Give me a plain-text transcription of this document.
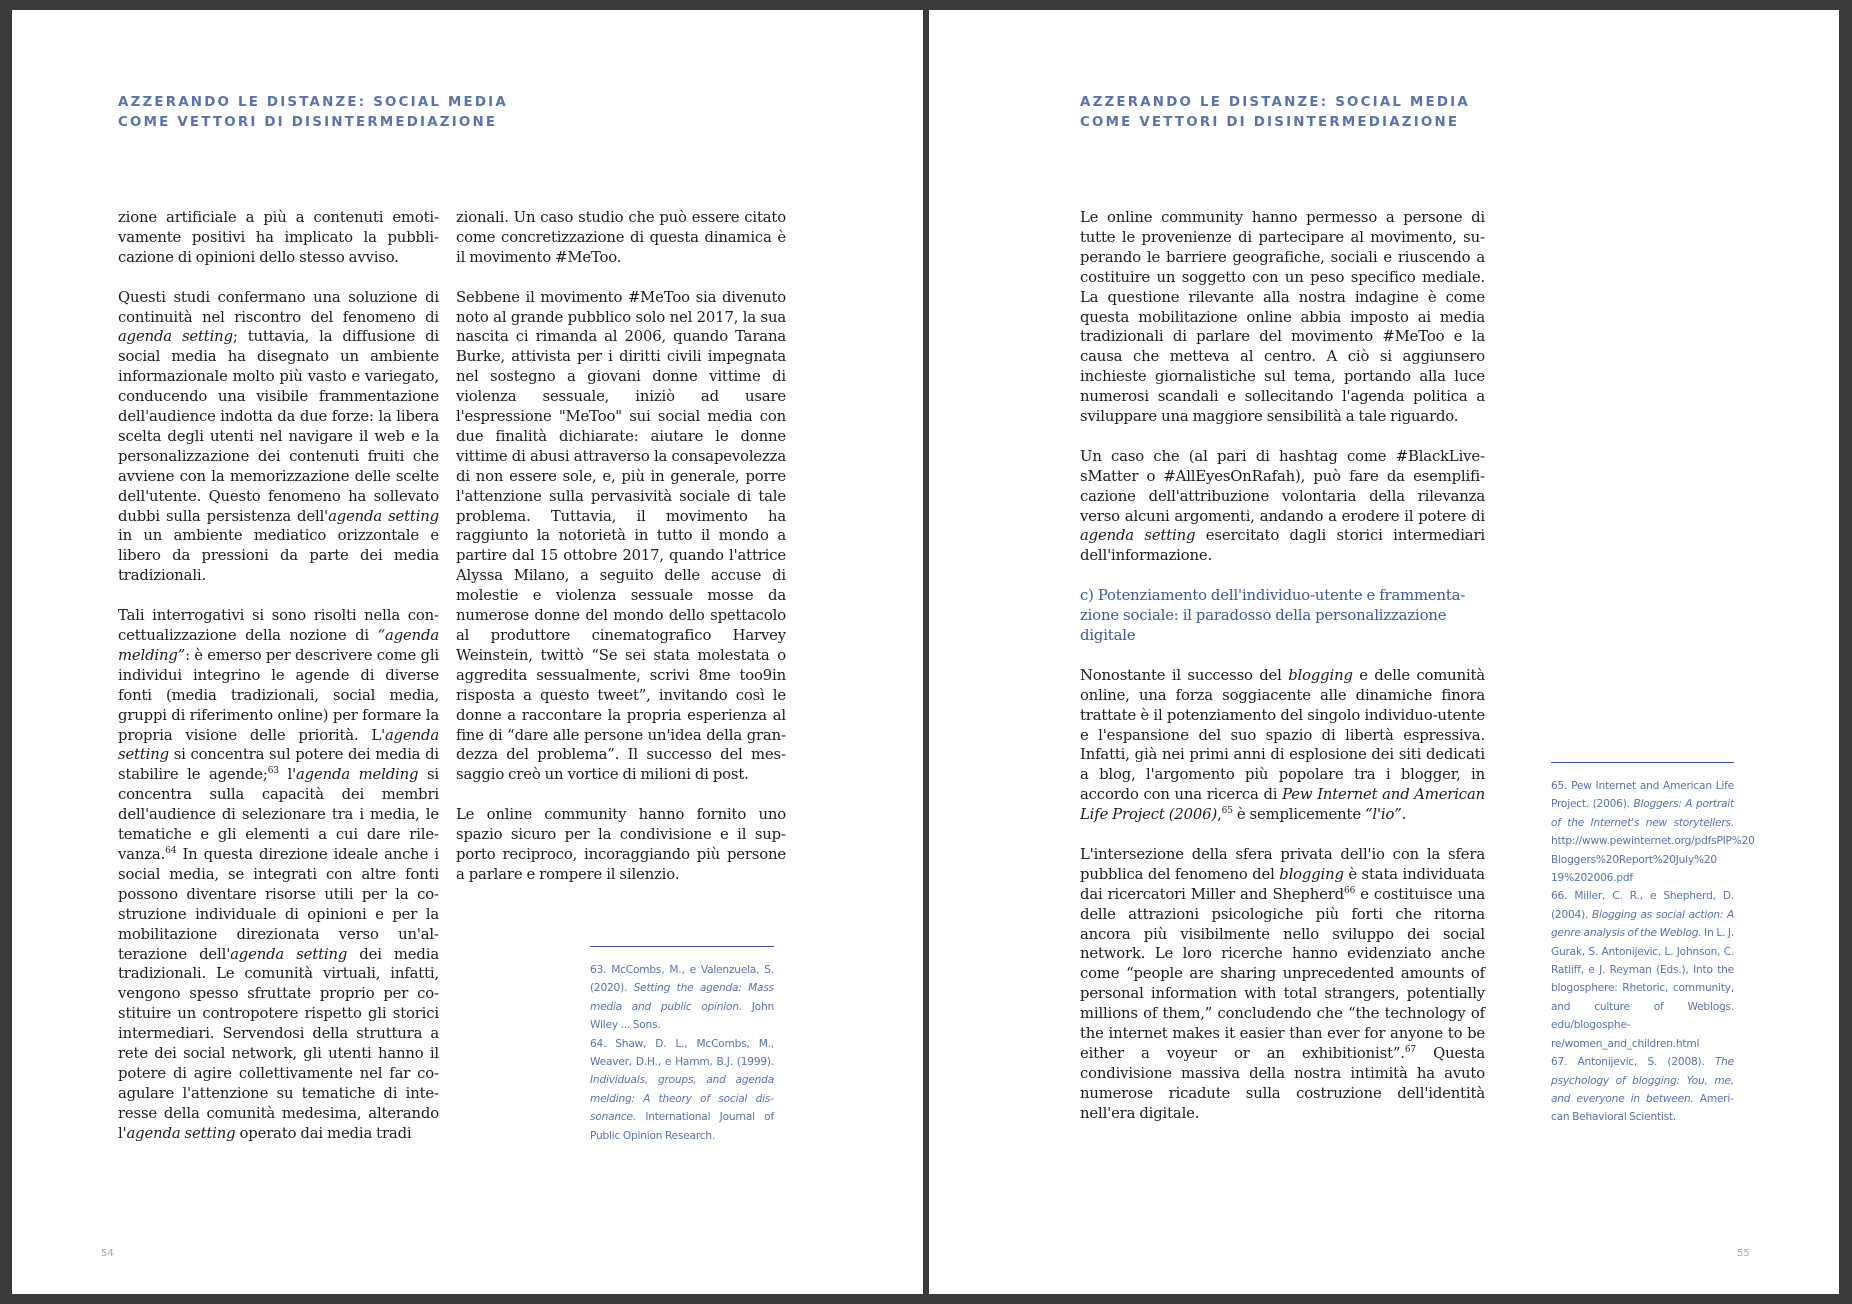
AZZERANDO LE DISTANZE: SOCIAL MEDIA
COME VETTORI DI DISINTERMEDIAZIONE

zione artificiale a più a contenuti emotivamente positivi ha implicato la pubblicazione di opinioni dello stesso avviso.

Questi studi confermano una soluzione di continuità nel riscontro del fenomeno di agenda setting; tuttavia, la diffusione di social media ha disegnato un ambiente informazionale molto più vasto e variegato, conducendo una visibile frammentazione dell'audience indotta da due forze: la libera scelta degli utenti nel navigare il web e la personalizzazione dei contenuti fruiti che avviene con la memorizzazione delle scelte dell'utente. Questo fenomeno ha sollevato dubbi sulla persistenza dell'agenda setting in un ambiente mediatico orizzontale e libero da pressioni da parte dei media tradizionali.

Tali interrogativi si sono risolti nella concettualizzazione della nozione di “agenda melding”: è emerso per descrivere come gli individui integrino le agende di diverse fonti (media tradizionali, social media, gruppi di riferimento online) per formare la propria visione delle priorità. L'agenda setting si concentra sul potere dei media di stabilire le agende;$^{63}$ l'agenda melding si concentra sulla capacità dei membri dell'audience di selezionare tra i media, le tematiche e gli elementi a cui dare rilevanza.$^{64}$ In questa direzione ideale anche i social media, se integrati con altre fonti possono diventare risorse utili per la costruzione individuale di opinioni e per la mobilitazione direzionata verso un'alterazione dell'agenda setting dei media tradizionali. Le comunità virtuali, infatti, vengono spesso sfruttate proprio per costituire un contropotere rispetto gli storici intermediari. Servendosi della struttura a rete dei social network, gli utenti hanno il potere di agire collettivamente nel far coagulare l'attenzione su tematiche di interesse della comunità medesima, alterando l'agenda setting operato dai media tradi

zionali. Un caso studio che può essere citato come concretizzazione di questa dinamica è il movimento #MeToo.

Sebbene il movimento #MeToo sia divenuto noto al grande pubblico solo nel 2017, la sua nascita ci rimanda al 2006, quando Tarana Burke, attivista per i diritti civili impegnata nel sostegno a giovani donne vittime di violenza sessuale, iniziò ad usare l'espressione "MeToo" sui social media con due finalità dichiarate: aiutare le donne vittime di abusi attraverso la consapevolezza di non essere sole, e, più in generale, porre l'attenzione sulla pervasività sociale di tale problema. Tuttavia, il movimento ha raggiunto la notorietà in tutto il mondo a partire dal 15 ottobre 2017, quando l'attrice Alyssa Milano, a seguito delle accuse di molestie e violenza sessuale mosse da numerose donne del mondo dello spettacolo al produttore cinematografico Harvey Weinstein, twittò “Se sei stata molestata o aggredita sessualmente, scrivi 8me too9in risposta a questo tweet”, invitando così le donne a raccontare la propria esperienza al fine di “dare alle persone un'idea della grandezza del problema”. Il successo del messaggio creò un vortice di milioni di post.

Le online community hanno fornito uno spazio sicuro per la condivisione e il supporto reciproco, incoraggiando più persone a parlare e rompere il silenzio.

63. McCombs, M., e Valenzuela, S. (2020). Setting the agenda: Mass media and public opinion. John Wiley ... Sons.

64. Shaw, D. L., McCombs, M., Weaver, D.H., e Hamm, B.J. (1999). Individuals, groups, and agenda melding: A theory of social dissonance. International Journal of Public Opinion Research.

54
AZZERANDO LE DISTANZE: SOCIAL MEDIA
COME VETTORI DI DISINTERMEDIAZIONE

Le online community hanno permesso a persone di tutte le provenienze di partecipare al movimento, superando le barriere geografiche, sociali e riuscendo a costituire un soggetto con un peso specifico mediale. La questione rilevante alla nostra indagine è come questa mobilitazione online abbia imposto ai media tradizionali di parlare del movimento #MeToo e la causa che metteva al centro. A ciò si aggiunsero inchieste giornalistiche sul tema, portando alla luce numerosi scandali e sollecitando l'agenda politica a sviluppare una maggiore sensibilità a tale riguardo.

Un caso che (al pari di hashtag come #BlackLivesMatter o #AllEyesOnRafah), può fare da esemplificazione dell'attribuzione volontaria della rilevanza verso alcuni argomenti, andando a erodere il potere di agenda setting esercitato dagli storici intermediari dell'informazione.

c) Potenziamento dell'individuo-utente e frammentazione sociale: il paradosso della personalizzazione digitale

Nonostante il successo del blogging e delle comunità online, una forza soggiacente alle dinamiche finora trattate è il potenziamento del singolo individuo-utente e l'espansione del suo spazio di libertà espressiva. Infatti, già nei primi anni di esplosione dei siti dedicati a blog, l'argomento più popolare tra i blogger, in accordo con una ricerca di Pew Internet and American Life Project (2006),$^{65}$ è semplicemente “l'io”.

L'intersezione della sfera privata dell'io con la sfera pubblica del fenomeno del blogging è stata individuata dai ricercatori Miller and Shepherd$^{66}$ e costituisce una delle attrazioni psicologiche più forti che ritorna ancora più visibilmente nello sviluppo dei social network. Le loro ricerche hanno evidenziato anche come “people are sharing unprecedented amounts of personal information with total strangers, potentially millions of them,” concludendo che “the technology of the internet makes it easier than ever for anyone to be either a voyeur or an exhibitionist”.$^{67}$ Questa condivisione massiva della nostra intimità ha avuto numerose ricadute sulla costruzione dell'identità nell'era digitale.

65. Pew Internet and American Life Project. (2006). Bloggers: A portrait of the Internet's new storytellers. http://www.pewinternet.org/pdfsPIP%20 Bloggers%20Report%20July%20 19%202006.pdf

66. Miller, C. R., e Shepherd, D. (2004). Blogging as social action: A genre analysis of the Weblog. In L. J. Gurak, S. Antonijevic, L. Johnson, C. Ratliff, e J. Reyman (Eds.), Into the blogosphere: Rhetoric, community, and culture of Weblogs. edu/blogosphere/women_and_children.html

67. Antonijevic, S. (2008). The psychology of blogging: You, me, and everyone in between. American Behavioral Scientist.

55
